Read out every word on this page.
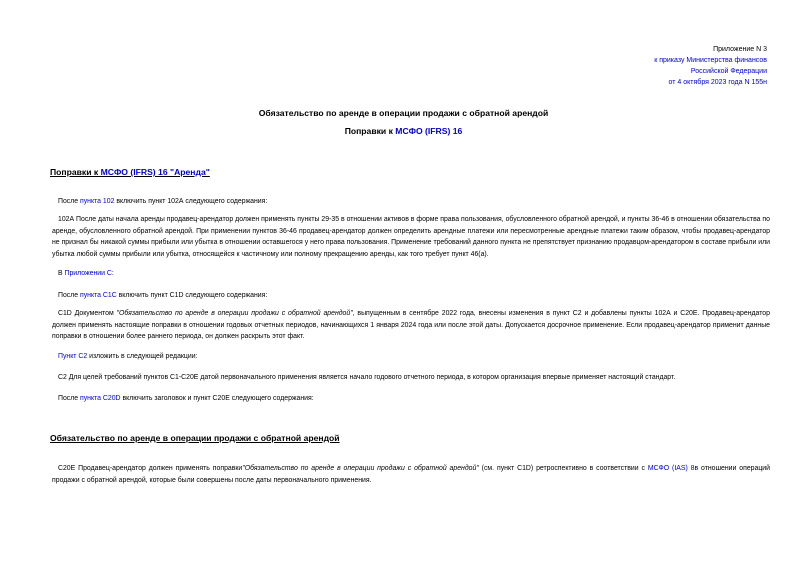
Приложение N 3
к приказу Министерства финансов
Российской Федерации
от 4 октября 2023 года N 155н
Обязательство по аренде в операции продажи с обратной арендой
Поправки к МСФО (IFRS) 16
Поправки к МСФО (IFRS) 16 "Аренда"
После пункта 102 включить пункт 102А следующего содержания:
102А После даты начала аренды продавец-арендатор должен применять пункты 29-35 в отношении активов в форме права пользования, обусловленного обратной арендой, и пункты 36-46 в отношении обязательства по аренде, обусловленного обратной арендой. При применении пунктов 36-46 продавец-арендатор должен определить арендные платежи или пересмотренные арендные платежи таким образом, чтобы продавец-арендатор не признал бы никакой суммы прибыли или убытка в отношении оставшегося у него права пользования. Применение требований данного пункта не препятствует признанию продавцом-арендатором в составе прибыли или убытка любой суммы прибыли или убытка, относящейся к частичному или полному прекращению аренды, как того требует пункт 46(а).
В Приложении C:
После пункта C1C включить пункт C1D следующего содержания:
C1D Документом "Обязательство по аренде в операции продажи с обратной арендой", выпущенным в сентябре 2022 года, внесены изменения в пункт C2 и добавлены пункты 102А и C20E. Продавец-арендатор должен применять настоящие поправки в отношении годовых отчетных периодов, начинающихся 1 января 2024 года или после этой даты. Допускается досрочное применение. Если продавец-арендатор применит данные поправки в отношении более раннего периода, он должен раскрыть этот факт.
Пункт C2 изложить в следующей редакции:
C2 Для целей требований пунктов C1-C20E датой первоначального применения является начало годового отчетного периода, в котором организация впервые применяет настоящий стандарт.
После пункта C20D включить заголовок и пункт C20E следующего содержания:
Обязательство по аренде в операции продажи с обратной арендой
C20E Продавец-арендатор должен применять поправки"Обязательство по аренде в операции продажи с обратной арендой" (см. пункт C1D) ретроспективно в соответствии с МСФО (IAS) 8в отношении операций продажи с обратной арендой, которые были совершены после даты первоначального применения.
